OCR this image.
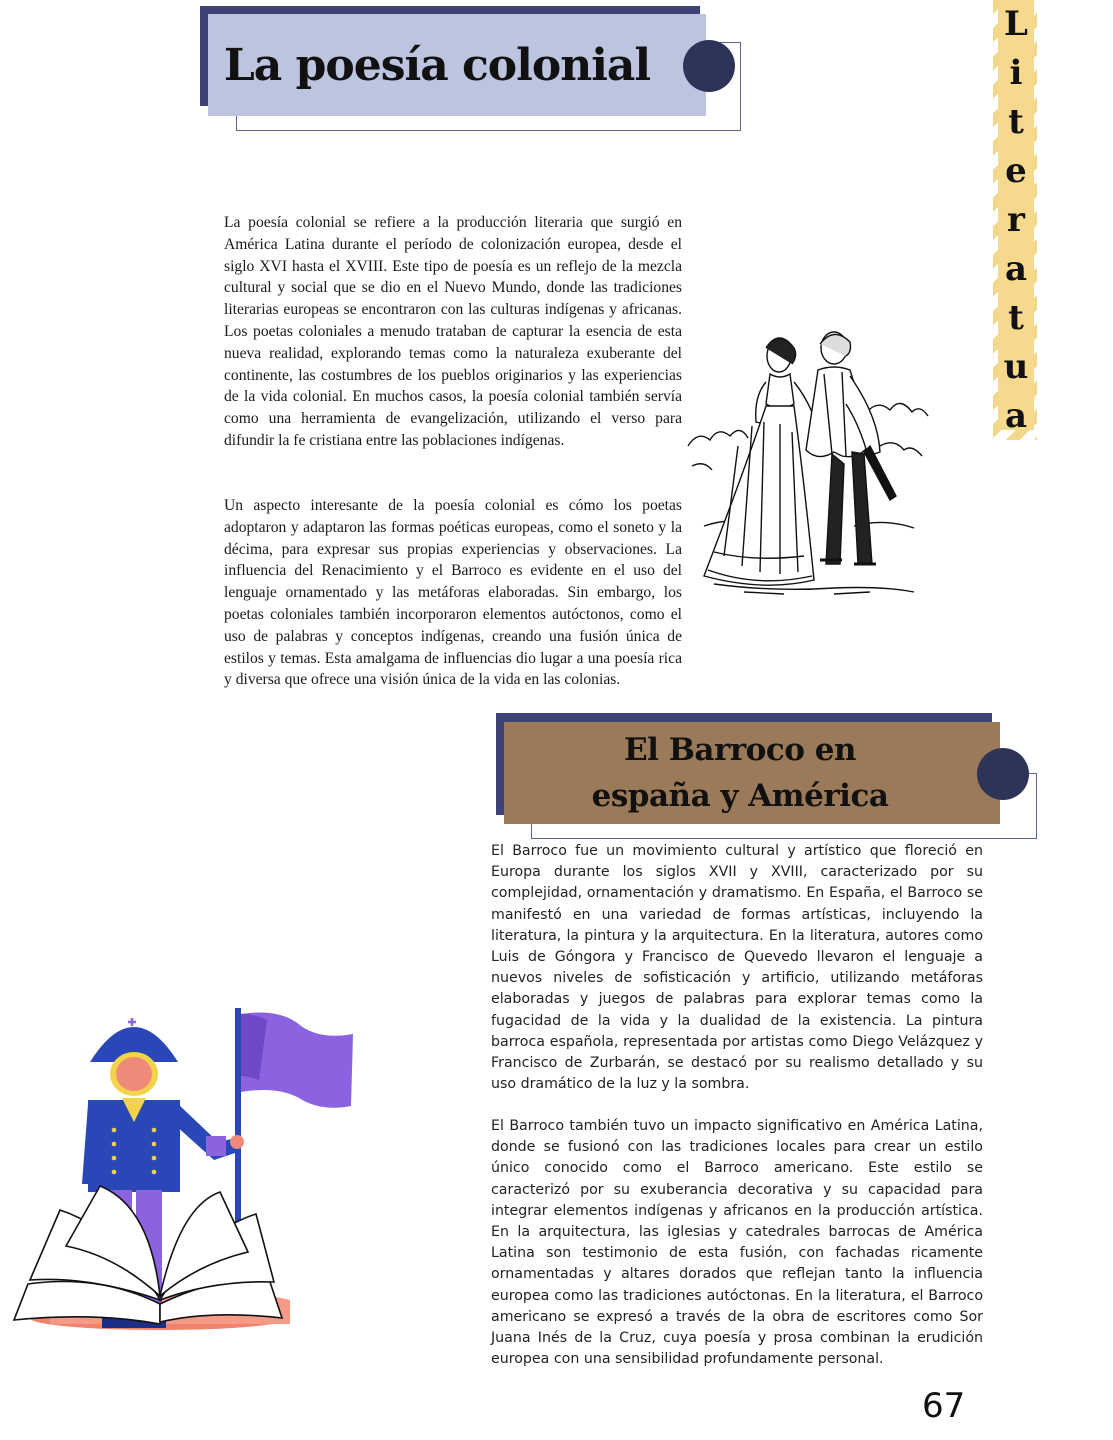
La poesía colonial
L
i
t
e
r
a
t
u
a

La poesía colonial se refiere a la producción literaria que surgió en América Latina durante el período de colonización europea, desde el siglo XVI hasta el XVIII. Este tipo de poesía es un reflejo de la mezcla cultural y social que se dio en el Nuevo Mundo, donde las tradiciones literarias europeas se encontraron con las culturas indígenas y africanas. Los poetas coloniales a menudo trataban de capturar la esencia de esta nueva realidad, explorando temas como la naturaleza exuberante del continente, las costumbres de los pueblos originarios y las experiencias de la vida colonial. En muchos casos, la poesía colonial también servía como una herramienta de evangelización, utilizando el verso para difundir la fe cristiana entre las poblaciones indígenas.

Un aspecto interesante de la poesía colonial es cómo los poetas adoptaron y adaptaron las formas poéticas europeas, como el soneto y la décima, para expresar sus propias experiencias y observaciones. La influencia del Renacimiento y el Barroco es evidente en el uso del lenguaje ornamentado y las metáforas elaboradas. Sin embargo, los poetas coloniales también incorporaron elementos autóctonos, como el uso de palabras y conceptos indígenas, creando una fusión única de estilos y temas. Esta amalgama de influencias dio lugar a una poesía rica y diversa que ofrece una visión única de la vida en las colonias.

El Barroco en
españa y América

El Barroco fue un movimiento cultural y artístico que floreció en Europa durante los siglos XVII y XVIII, caracterizado por su complejidad, ornamentación y dramatismo. En España, el Barroco se manifestó en una variedad de formas artísticas, incluyendo la literatura, la pintura y la arquitectura. En la literatura, autores como Luis de Góngora y Francisco de Quevedo llevaron el lenguaje a nuevos niveles de sofisticación y artificio, utilizando metáforas elaboradas y juegos de palabras para explorar temas como la fugacidad de la vida y la dualidad de la existencia. La pintura barroca española, representada por artistas como Diego Velázquez y Francisco de Zurbarán, se destacó por su realismo detallado y su uso dramático de la luz y la sombra.

El Barroco también tuvo un impacto significativo en América Latina, donde se fusionó con las tradiciones locales para crear un estilo único conocido como el Barroco americano. Este estilo se caracterizó por su exuberancia decorativa y su capacidad para integrar elementos indígenas y africanos en la producción artística. En la arquitectura, las iglesias y catedrales barrocas de América Latina son testimonio de esta fusión, con fachadas ricamente ornamentadas y altares dorados que reflejan tanto la influencia europea como las tradiciones autóctonas. En la literatura, el Barroco americano se expresó a través de la obra de escritores como Sor Juana Inés de la Cruz, cuya poesía y prosa combinan la erudición europea con una sensibilidad profundamente personal.

67
